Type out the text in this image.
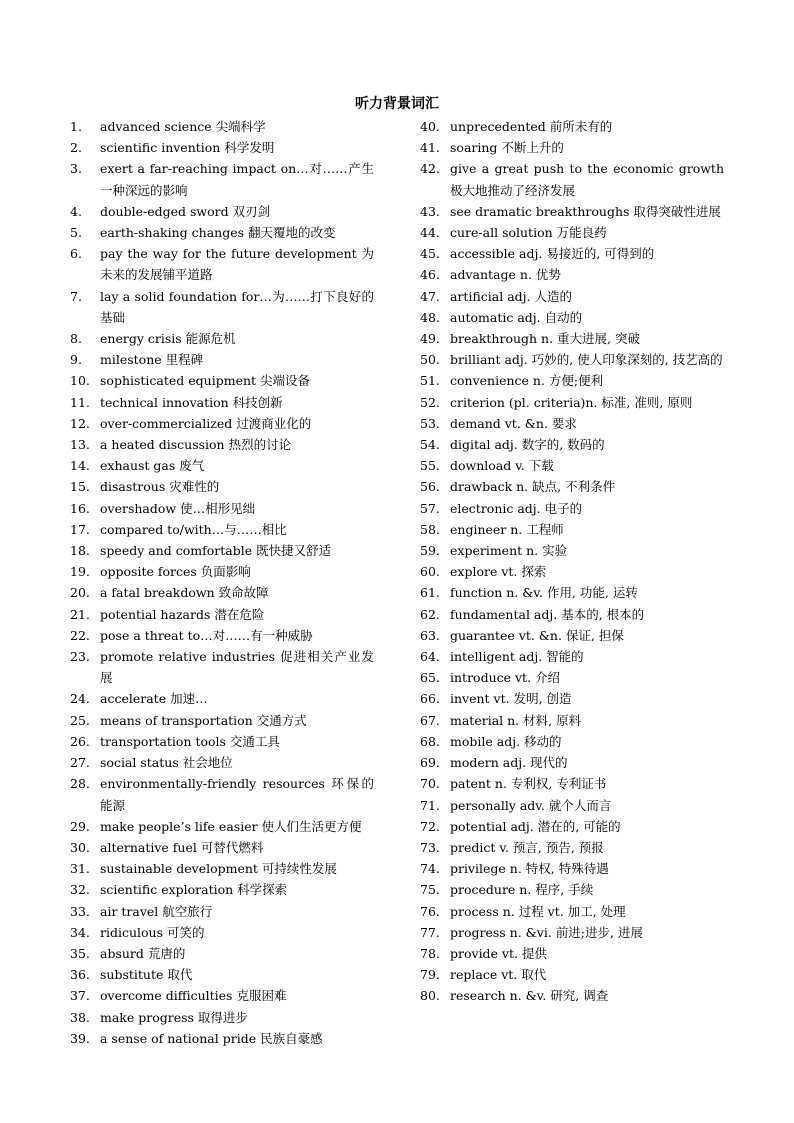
听力背景词汇
1.	advanced science 尖端科学
2.	scientific invention 科学发明
3.	exert a far-reaching impact on…对……产生一种深远的影响
4.	double-edged sword 双刃剑
5.	earth-shaking changes 翻天覆地的改变
6.	pay the way for the future development 为未来的发展铺平道路
7.	lay a solid foundation for…为……打下良好的基础
8.	energy crisis 能源危机
9.	milestone 里程碑
10. sophisticated equipment 尖端设备
11. technical innovation 科技创新
12. over-commercialized 过渡商业化的
13. a heated discussion 热烈的讨论
14. exhaust gas 废气
15. disastrous 灾难性的
16. overshadow 使…相形见绌
17. compared to/with…与……相比
18. speedy and comfortable 既快捷又舒适
19. opposite forces 负面影响
20. a fatal breakdown 致命故障
21. potential hazards 潜在危险
22. pose a threat to…对……有一种威胁
23. promote relative industries 促进相关产业发展
24. accelerate 加速…
25. means of transportation 交通方式
26. transportation tools 交通工具
27. social status 社会地位
28. environmentally-friendly resources 环保的能源
29. make people’s life easier 使人们生活更方便
30. alternative fuel 可替代燃料
31. sustainable development 可持续性发展
32. scientific exploration 科学探索
33. air travel 航空旅行
34. ridiculous 可笑的
35. absurd 荒唐的
36. substitute 取代
37. overcome difficulties 克服困难
38. make progress 取得进步
39. a sense of national pride 民族自豪感
40. unprecedented 前所未有的
41. soaring 不断上升的
42. give a great push to the economic growth 极大地推动了经济发展
43. see dramatic breakthroughs 取得突破性进展
44. cure-all solution 万能良药
45. accessible adj. 易接近的, 可得到的
46. advantage n. 优势
47. artificial adj. 人造的
48. automatic adj. 自动的
49. breakthrough n. 重大进展, 突破
50. brilliant adj. 巧妙的, 使人印象深刻的, 技艺高的
51. convenience n. 方便;便利
52. criterion (pl. criteria)n. 标准, 准则, 原则
53. demand vt. &n. 要求
54. digital adj. 数字的, 数码的
55. download v. 下载
56. drawback n. 缺点, 不利条件
57. electronic adj. 电子的
58. engineer n. 工程师
59. experiment n. 实验
60. explore vt. 探索
61. function n. &v. 作用, 功能, 运转
62. fundamental adj. 基本的, 根本的
63. guarantee vt. &n. 保证, 担保
64. intelligent adj. 智能的
65. introduce vt. 介绍
66. invent vt. 发明, 创造
67. material n. 材料, 原料
68. mobile adj. 移动的
69. modern adj. 现代的
70. patent n. 专利权, 专利证书
71. personally adv. 就个人而言
72. potential adj. 潜在的, 可能的
73. predict v. 预言, 预告, 预报
74. privilege n. 特权, 特殊待遇
75. procedure n. 程序, 手续
76. process n. 过程 vt. 加工, 处理
77. progress n. &vi. 前进;进步, 进展
78. provide vt. 提供
79. replace vt. 取代
80. research n. &v. 研究, 调查
